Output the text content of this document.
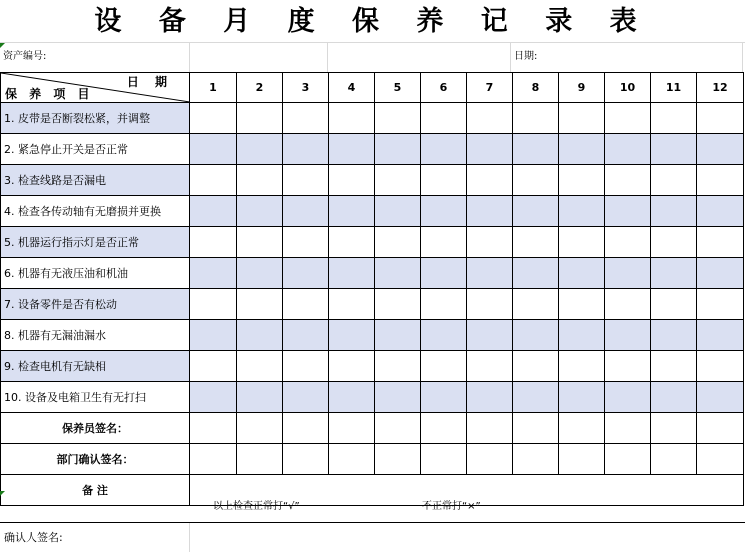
设 备 月 度 保 养 记 录 表
资产编号:	日期:
日 期
保 养 项 目	1	2	3	4	5	6	7	8	9	10	11	12
1. 皮带是否断裂松紧，并调整												
2. 紧急停止开关是否正常												
3. 检查线路是否漏电												
4. 检查各传动轴有无磨损并更换												
5. 机器运行指示灯是否正常												
6. 机器有无液压油和机油												
7. 设备零件是否有松动												
8. 机器有无漏油漏水												
9. 检查电机有无缺相												
10. 设备及电箱卫生有无打扫												
保养员签名：												
部门确认签名：												
备 注												
以上检查正常打“√”	不正常打“×”
确认人签名:
